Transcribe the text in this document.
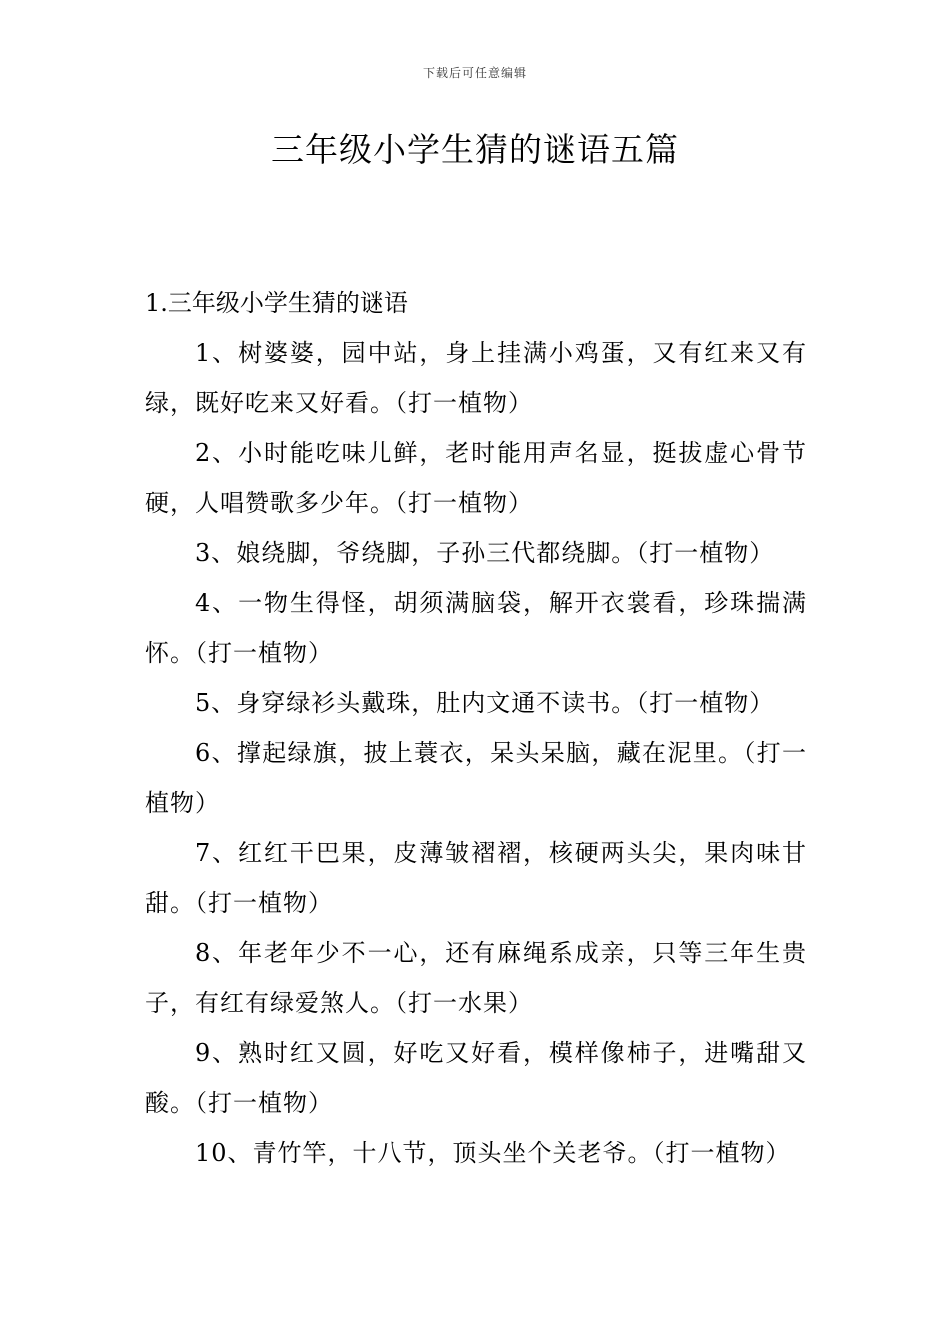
下载后可任意编辑
三年级小学生猜的谜语五篇

1.三年级小学生猜的谜语

1、树婆婆，园中站，身上挂满小鸡蛋，又有红来又有绿，既好吃来又好看。（打一植物）

2、小时能吃味儿鲜，老时能用声名显，挺拔虚心骨节硬，人唱赞歌多少年。（打一植物）

3、娘绕脚，爷绕脚，子孙三代都绕脚。（打一植物）

4、一物生得怪，胡须满脑袋，解开衣裳看，珍珠揣满怀。（打一植物）

5、身穿绿衫头戴珠，肚内文通不读书。（打一植物）

6、撑起绿旗，披上蓑衣，呆头呆脑，藏在泥里。（打一植物）

7、红红干巴果，皮薄皱褶褶，核硬两头尖，果肉味甘甜。（打一植物）

8、年老年少不一心，还有麻绳系成亲，只等三年生贵子，有红有绿爱煞人。（打一水果）

9、熟时红又圆，好吃又好看，模样像柿子，进嘴甜又酸。（打一植物）

10、青竹竿，十八节，顶头坐个关老爷。（打一植物）
